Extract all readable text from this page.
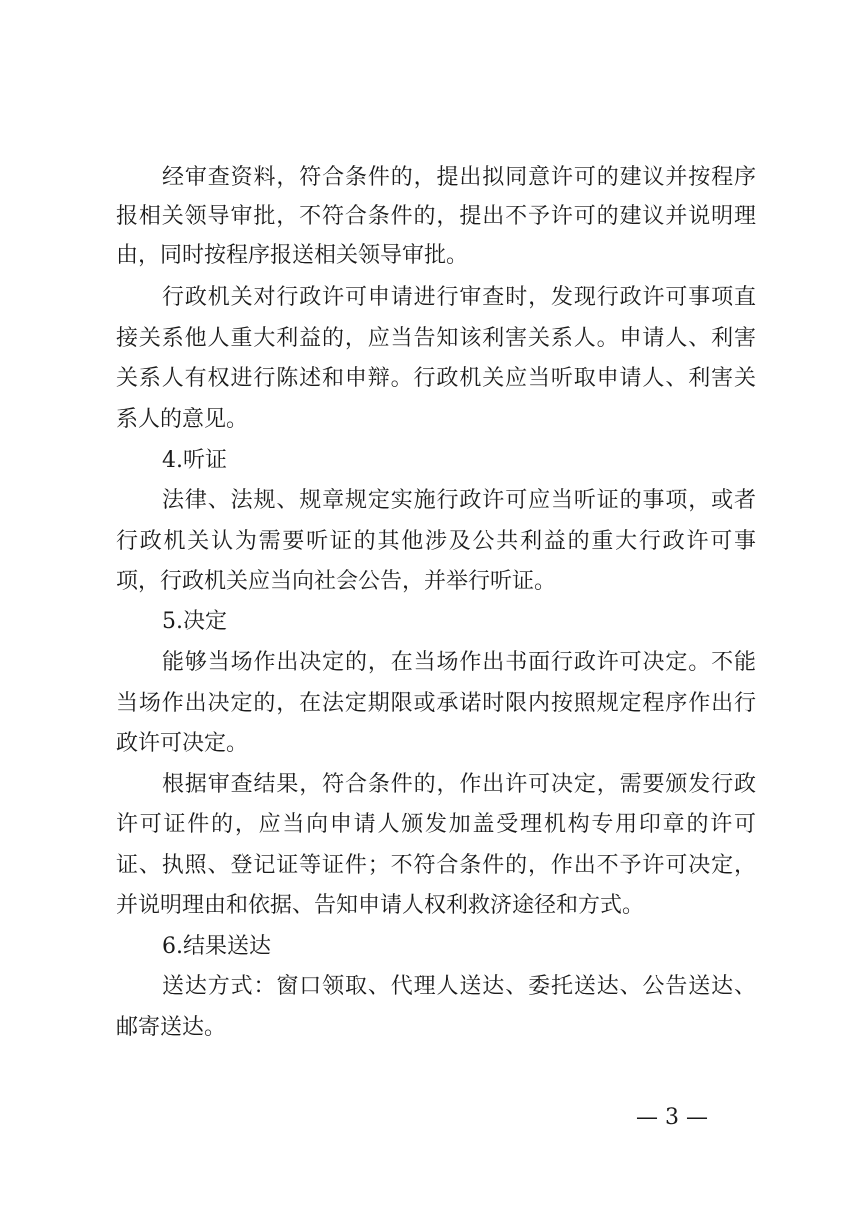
经审查资料，符合条件的，提出拟同意许可的建议并按程序
报相关领导审批，不符合条件的，提出不予许可的建议并说明理
由，同时按程序报送相关领导审批。
行政机关对行政许可申请进行审查时，发现行政许可事项直
接关系他人重大利益的，应当告知该利害关系人。申请人、利害
关系人有权进行陈述和申辩。行政机关应当听取申请人、利害关
系人的意见。
4.听证
法律、法规、规章规定实施行政许可应当听证的事项，或者
行政机关认为需要听证的其他涉及公共利益的重大行政许可事
项，行政机关应当向社会公告，并举行听证。
5.决定
能够当场作出决定的，在当场作出书面行政许可决定。不能
当场作出决定的，在法定期限或承诺时限内按照规定程序作出行
政许可决定。
根据审查结果，符合条件的，作出许可决定，需要颁发行政
许可证件的，应当向申请人颁发加盖受理机构专用印章的许可
证、执照、登记证等证件；不符合条件的，作出不予许可决定，
并说明理由和依据、告知申请人权利救济途径和方式。
6.结果送达
送达方式：窗口领取、代理人送达、委托送达、公告送达、
邮寄送达。
— 3 —
